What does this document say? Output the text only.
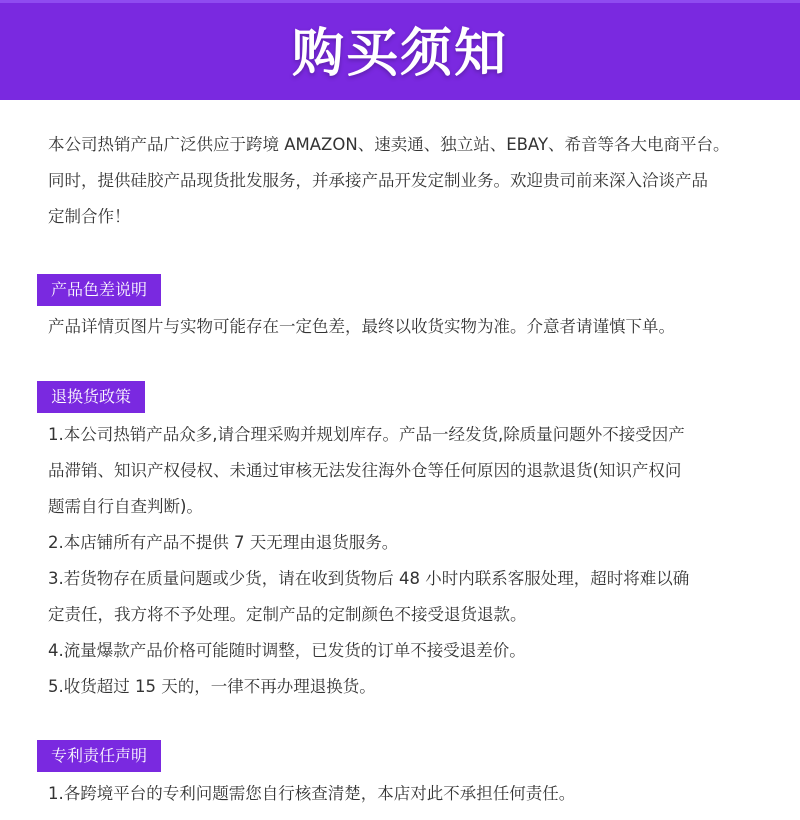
购买须知

本公司热销产品广泛供应于跨境 AMAZON、速卖通、独立站、EBAY、希音等各大电商平台。

同时，提供硅胶产品现货批发服务，并承接产品开发定制业务。欢迎贵司前来深入洽谈产品

定制合作！

产品色差说明

产品详情页图片与实物可能存在一定色差，最终以收货实物为准。介意者请谨慎下单。

退换货政策

1.本公司热销产品众多,请合理采购并规划库存。产品一经发货,除质量问题外不接受因产

品滞销、知识产权侵权、未通过审核无法发往海外仓等任何原因的退款退货(知识产权问

题需自行自查判断)。

2.本店铺所有产品不提供 7 天无理由退货服务。

3.若货物存在质量问题或少货，请在收到货物后 48 小时内联系客服处理，超时将难以确

定责任，我方将不予处理。定制产品的定制颜色不接受退货退款。

4.流量爆款产品价格可能随时调整，已发货的订单不接受退差价。

5.收货超过 15 天的，一律不再办理退换货。

专利责任声明

1.各跨境平台的专利问题需您自行核查清楚，本店对此不承担任何责任。
